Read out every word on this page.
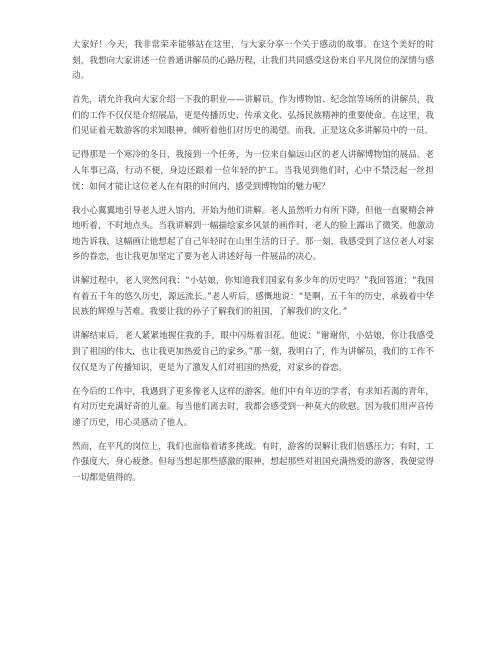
大家好！今天，我非常荣幸能够站在这里，与大家分享一个关于感动的故事。在这个美好的时刻，我想向大家讲述一位普通讲解员的心路历程，让我们共同感受这份来自平凡岗位的深情与感动。

首先，请允许我向大家介绍一下我的职业——讲解员。作为博物馆、纪念馆等场所的讲解员，我们的工作不仅仅是介绍展品，更是传播历史、传承文化、弘扬民族精神的重要使命。在这里，我们见证着无数游客的求知眼神，倾听着他们对历史的渴望。而我，正是这众多讲解员中的一员。

记得那是一个寒冷的冬日，我接到一个任务，为一位来自偏远山区的老人讲解博物馆的展品。老人年事已高，行动不便，身边还跟着一位年轻的护工。当我见到他们时，心中不禁泛起一丝担忧：如何才能让这位老人在有限的时间内，感受到博物馆的魅力呢？

我小心翼翼地引导老人进入馆内，开始为他们讲解。老人虽然听力有所下降，但他一直聚精会神地听着，不时地点头。当我讲解到一幅描绘家乡风景的画作时，老人的脸上露出了微笑。他激动地告诉我，这幅画让他想起了自己年轻时在山里生活的日子。那一刻，我感受到了这位老人对家乡的眷恋，也让我更加坚定了要为老人讲述好每一件展品的决心。

讲解过程中，老人突然问我：“小姑娘，你知道我们国家有多少年的历史吗？”我回答道：“我国有着五千年的悠久历史，源远流长。”老人听后，感慨地说：“是啊，五千年的历史，承载着中华民族的辉煌与苦难。我要让我的孙子了解我们的祖国，了解我们的文化。”

讲解结束后，老人紧紧地握住我的手，眼中闪烁着泪花。他说：“谢谢你，小姑娘，你让我感受到了祖国的伟大，也让我更加热爱自己的家乡。”那一刻，我明白了，作为讲解员，我们的工作不仅仅是为了传播知识，更是为了激发人们对祖国的热爱，对家乡的眷恋。

在今后的工作中，我遇到了更多像老人这样的游客。他们中有年迈的学者，有求知若渴的青年，有对历史充满好奇的儿童。每当他们离去时，我都会感受到一种莫大的欣慰。因为我们用声音传递了历史，用心灵感动了他人。

然而，在平凡的岗位上，我们也面临着诸多挑战。有时，游客的误解让我们倍感压力；有时，工作强度大，身心疲惫。但每当想起那些感激的眼神，想起那些对祖国充满热爱的游客，我便觉得一切都是值得的。
